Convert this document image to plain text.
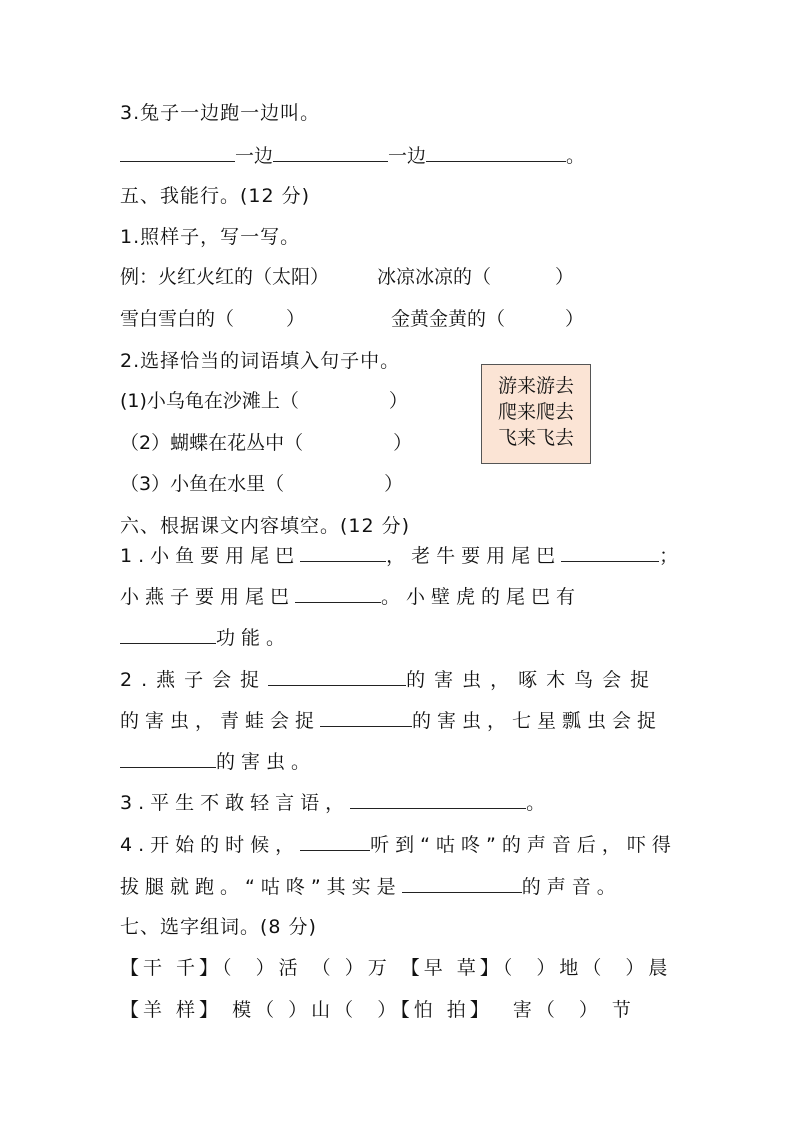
3.兔子一边跑一边叫。
一边	一边	。
五、我能行。(12 分)
1.照样子，写一写。
例：火红火红的（太阳）	冰凉冰凉的（	）
雪白雪白的（	）	金黄金黄的（	）
2.选择恰当的词语填入句子中。
(1)小乌龟在沙滩上（	）
（2）蝴蝶在花丛中（	）
（3）小鱼在水里（	）
游来游去
爬来爬去
飞来飞去
六、根据课文内容填空。(12 分)
1.小鱼要用尾巴	，老牛要用尾巴	；
小燕子要用尾巴	。小壁虎的尾巴有
功能。
2.燕子会捉	的害虫，啄木鸟会捉
的害虫，青蛙会捉	的害虫，七星瓢虫会捉
的害虫。
3.平生不敢轻言语，	。
4.开始的时候，	听到“咕咚”的声音后，吓得
拔腿就跑。“咕咚”其实是	的声音。
七、选字组词。(8 分)
【干 千】（  ）活 （ ）万 【早 草】（  ）地（  ）晨
【羊 样】 模（ ）山（  ）【怕 拍】  害（  ） 节
